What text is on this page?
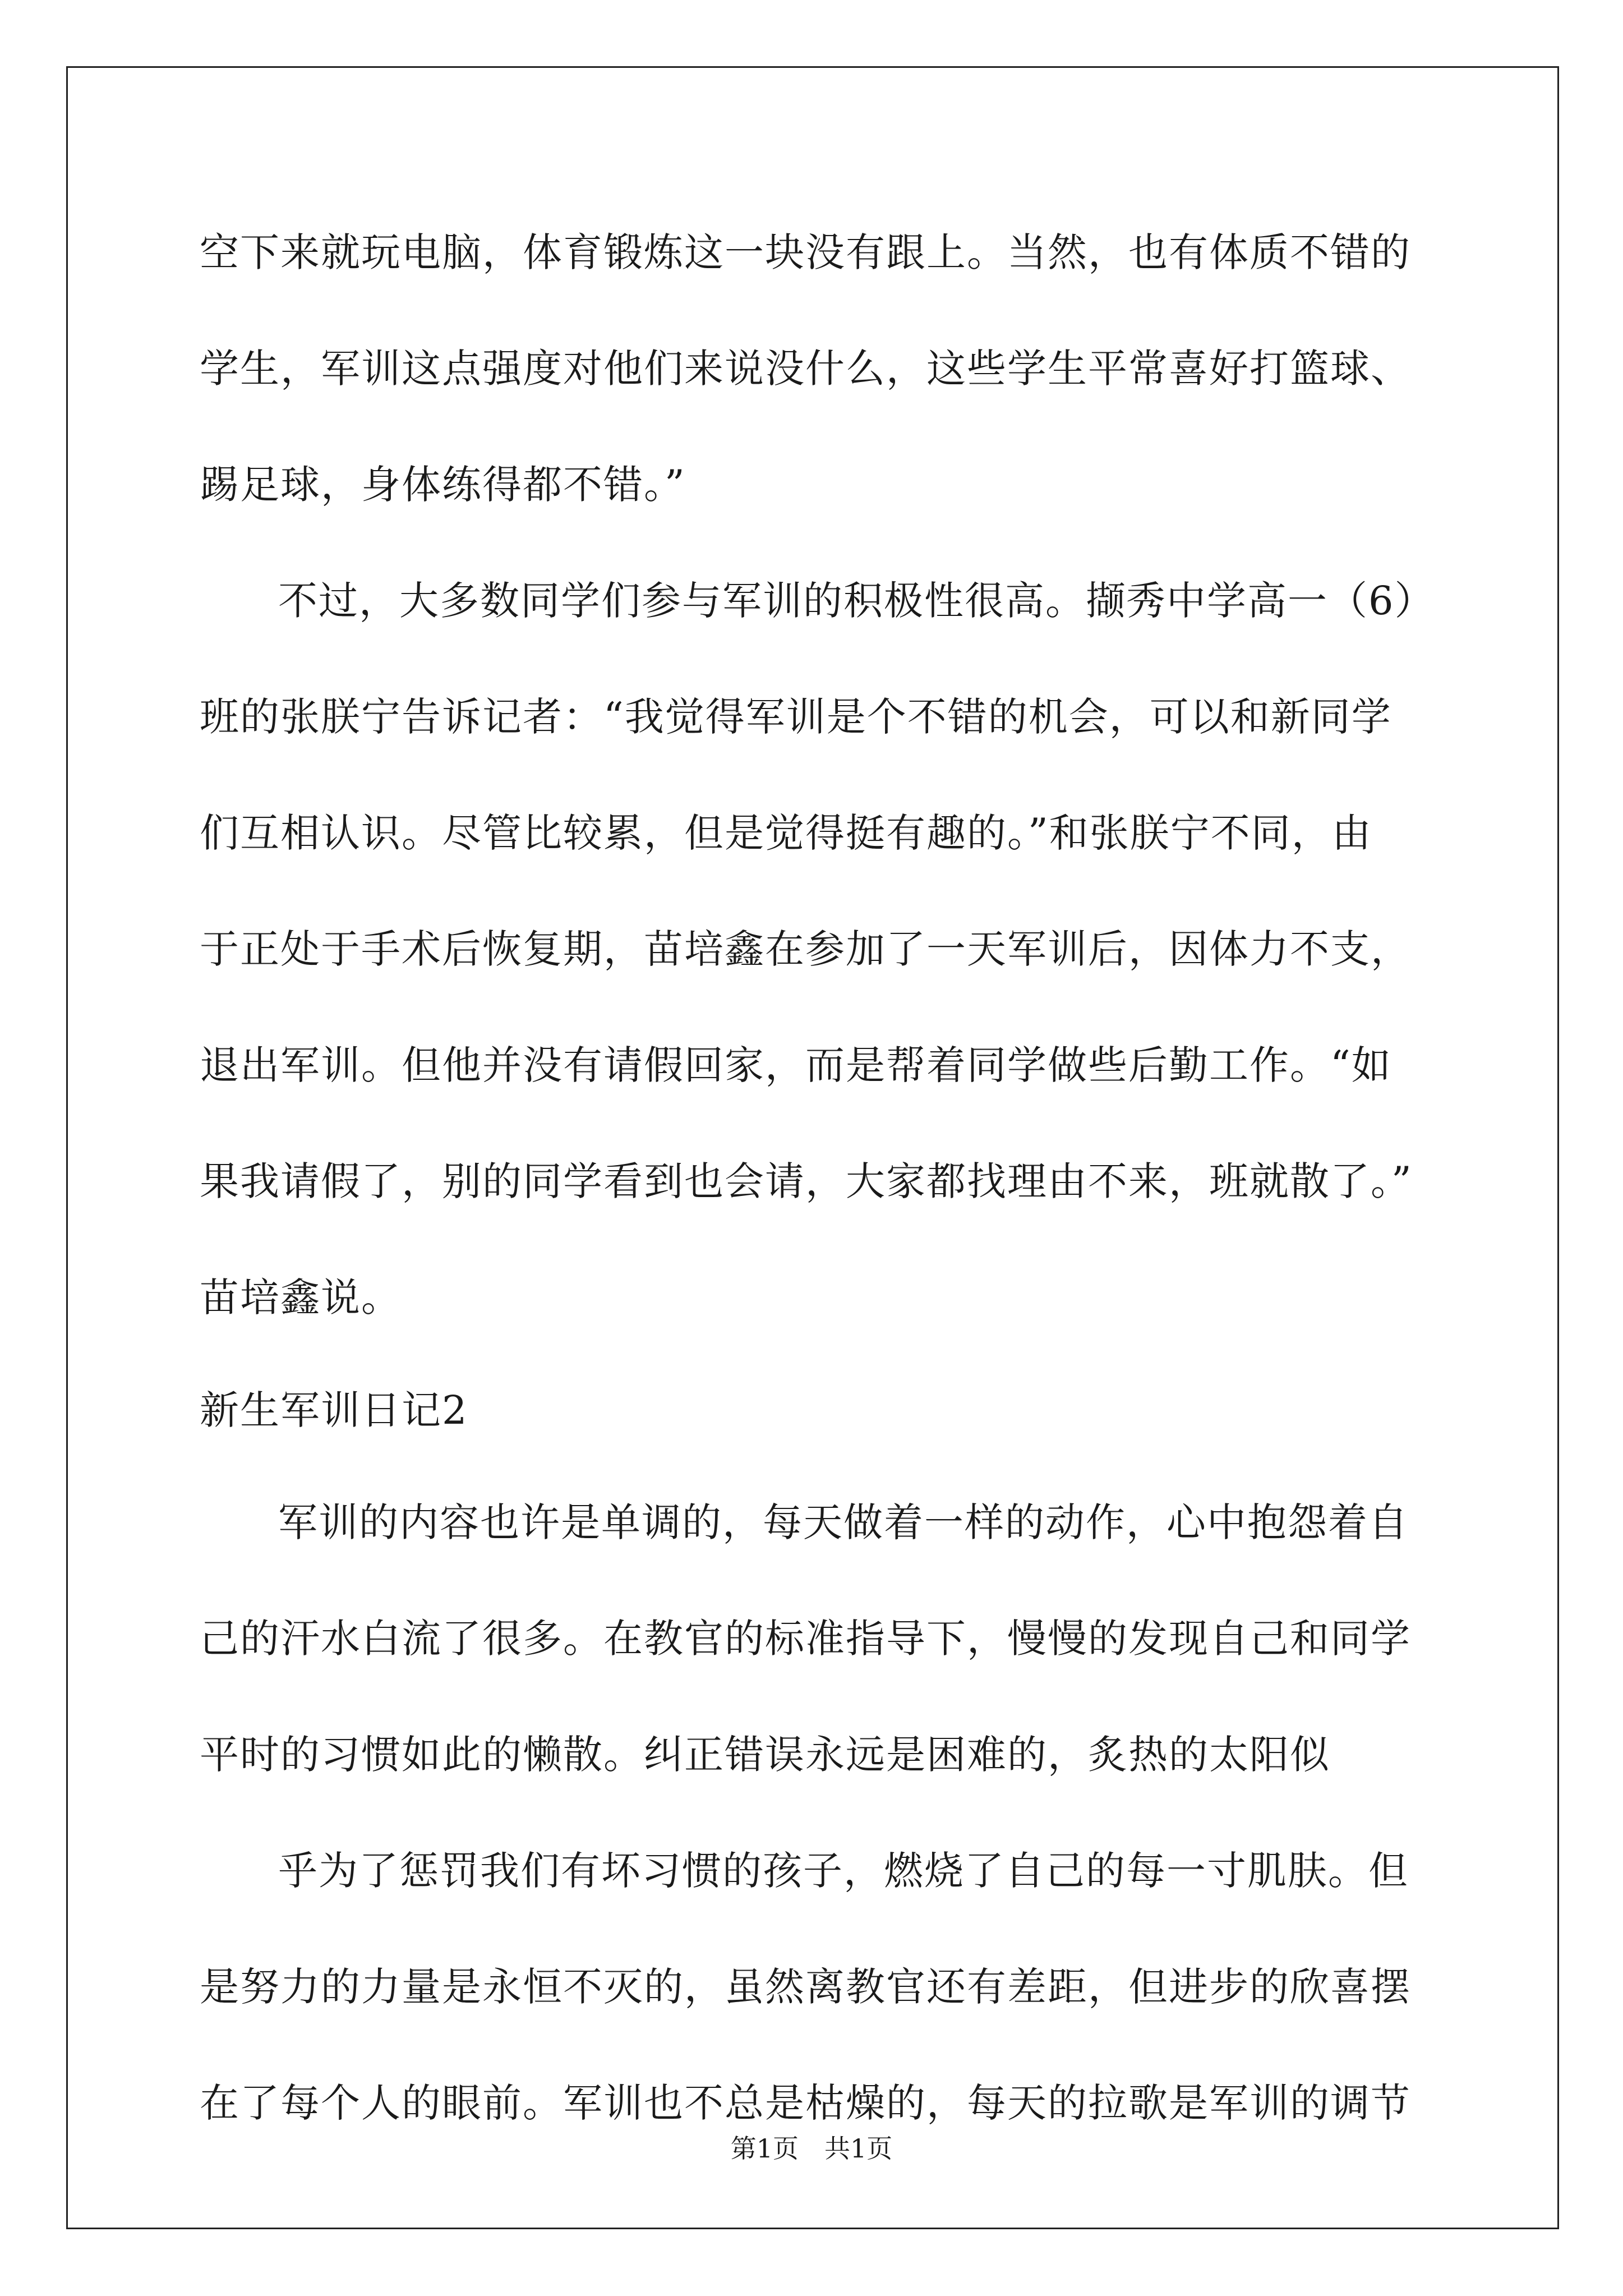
空下来就玩电脑，体育锻炼这一块没有跟上。当然，也有体质不错的
学生，军训这点强度对他们来说没什么，这些学生平常喜好打篮球、
踢足球，身体练得都不错。”
不过，大多数同学们参与军训的积极性很高。撷秀中学高一（6）
班的张朕宁告诉记者：“我觉得军训是个不错的机会，可以和新同学
们互相认识。尽管比较累，但是觉得挺有趣的。”和张朕宁不同，由
于正处于手术后恢复期，苗培鑫在参加了一天军训后，因体力不支，
退出军训。但他并没有请假回家，而是帮着同学做些后勤工作。“如
果我请假了，别的同学看到也会请，大家都找理由不来，班就散了。”
苗培鑫说。
新生军训日记2
军训的内容也许是单调的，每天做着一样的动作，心中抱怨着自
己的汗水白流了很多。在教官的标准指导下，慢慢的发现自己和同学
平时的习惯如此的懒散。纠正错误永远是困难的，炙热的太阳似
乎为了惩罚我们有坏习惯的孩子，燃烧了自己的每一寸肌肤。但
是努力的力量是永恒不灭的，虽然离教官还有差距，但进步的欣喜摆
在了每个人的眼前。军训也不总是枯燥的，每天的拉歌是军训的调节
第1页　共1页
